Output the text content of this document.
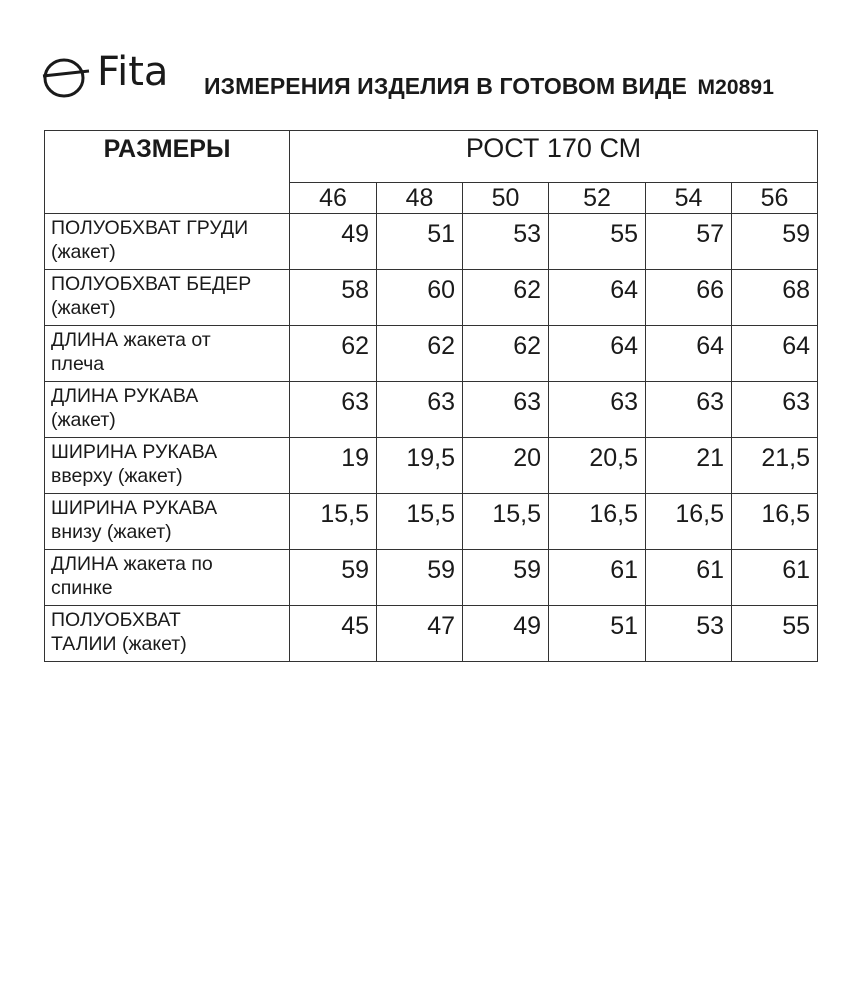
Fita ИЗМЕРЕНИЯ ИЗДЕЛИЯ В ГОТОВОМ ВИДЕ М20891
РАЗМЕРЫ	РОСТ 170 СМ					
	46	48	50	52	54	56

ПОЛУОБХВАТ ГРУДИ
(жакет)	49	51	53	55	57	59

ПОЛУОБХВАТ БЕДЕР
(жакет)	58	60	62	64	66	68

ДЛИНА жакета от
плеча	62	62	62	64	64	64

ДЛИНА РУКАВА
(жакет)	63	63	63	63	63	63

ШИРИНА РУКАВА
вверху (жакет)	19	19,5	20	20,5	21	21,5

ШИРИНА РУКАВА
внизу (жакет)	15,5	15,5	15,5	16,5	16,5	16,5

ДЛИНА жакета по
спинке	59	59	59	61	61	61

ПОЛУОБХВАТ
ТАЛИИ (жакет)	45	47	49	51	53	55
